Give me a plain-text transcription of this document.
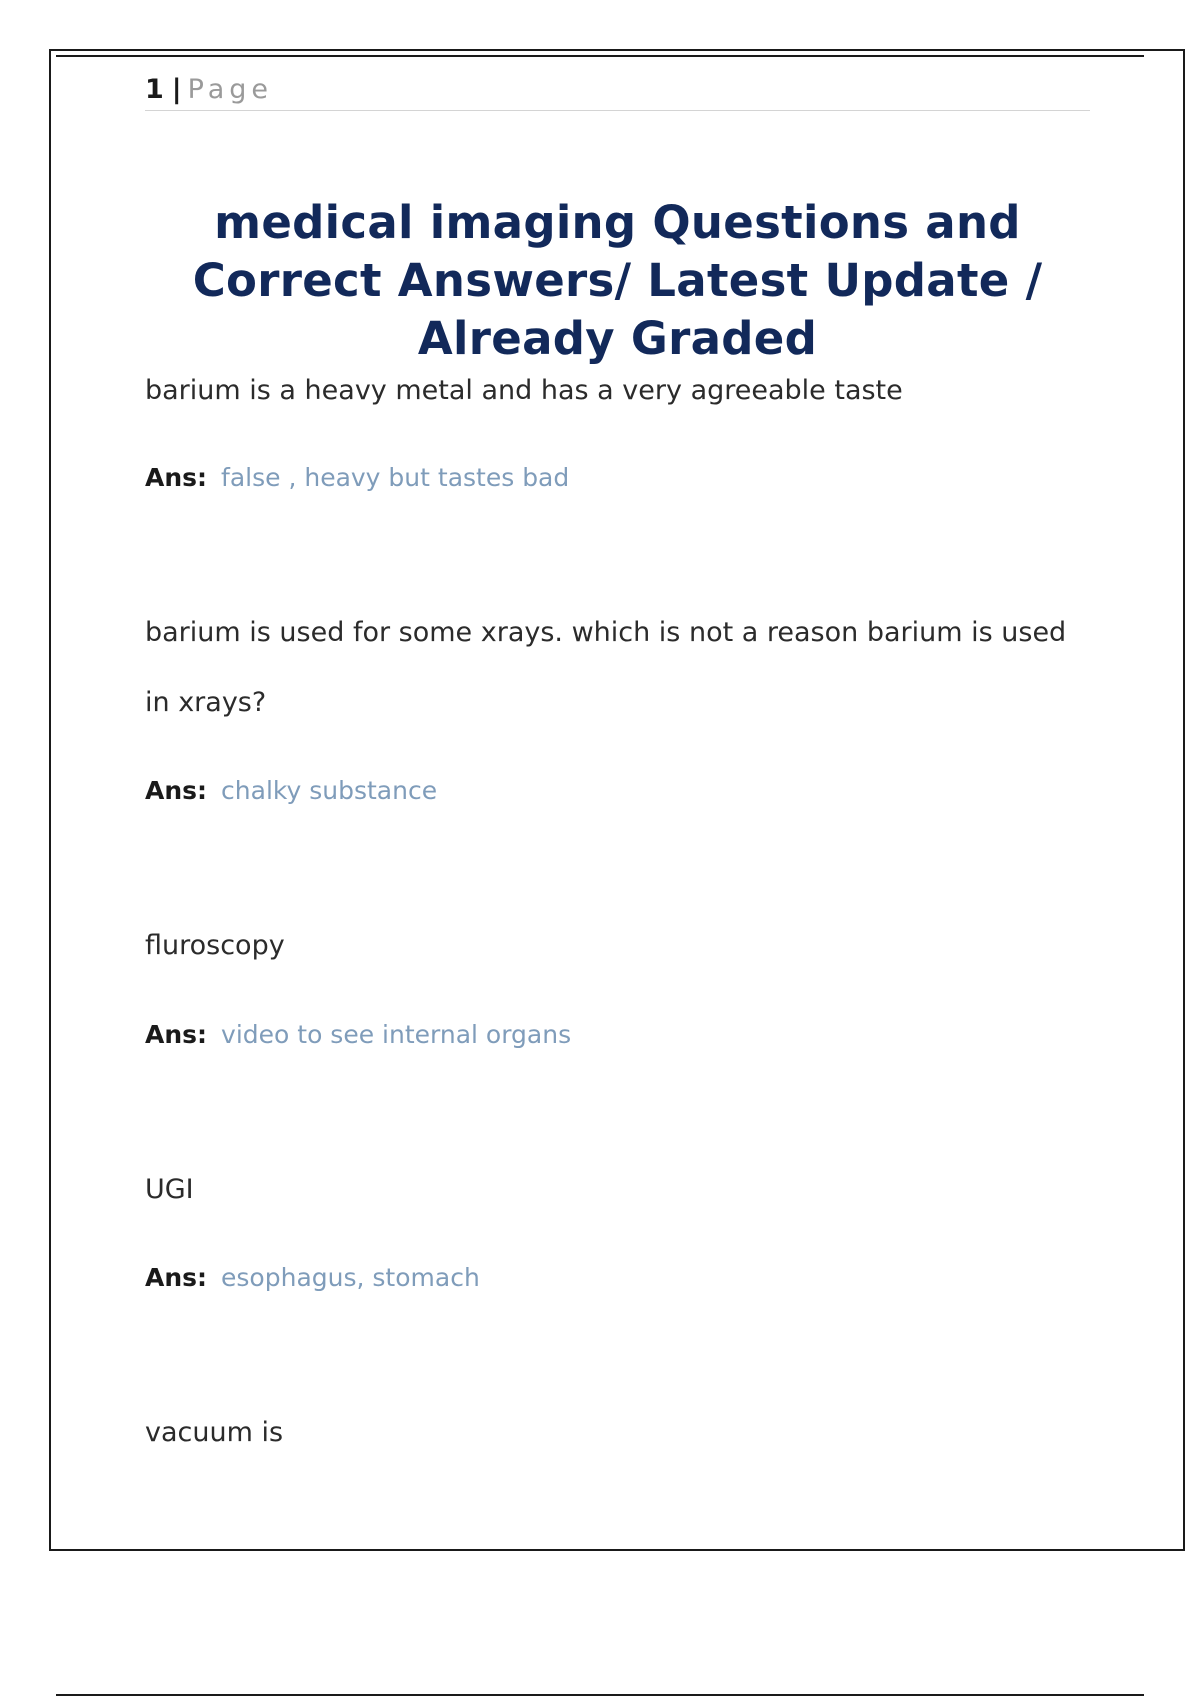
1 | Page
medical imaging Questions and Correct Answers/ Latest Update / Already Graded

barium is a heavy metal and has a very agreeable taste

Ans: false , heavy but tastes bad

barium is used for some xrays. which is not a reason barium is used in xrays?

Ans: chalky substance

fluroscopy

Ans: video to see internal organs

UGI

Ans: esophagus, stomach

vacuum is
